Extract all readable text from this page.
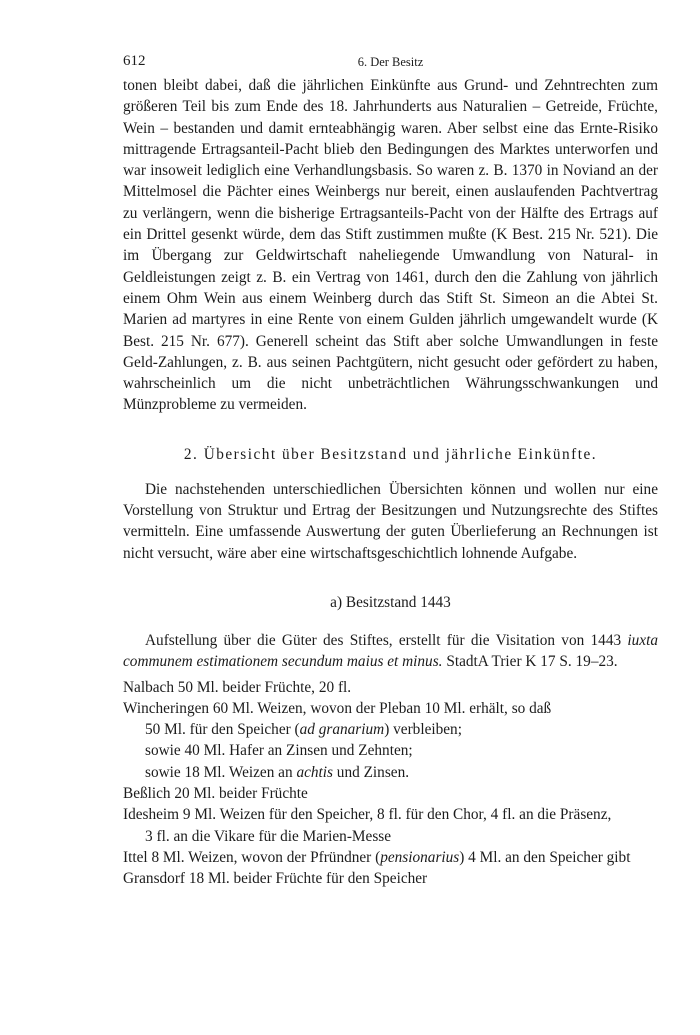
612	6. Der Besitz

tonen bleibt dabei, daß die jährlichen Einkünfte aus Grund- und Zehntrechten zum größeren Teil bis zum Ende des 18. Jahrhunderts aus Naturalien – Getreide, Früchte, Wein – bestanden und damit ernteabhängig waren. Aber selbst eine das Ernte-Risiko mittragende Ertragsanteil-Pacht blieb den Bedingungen des Marktes unterworfen und war insoweit lediglich eine Verhandlungsbasis. So waren z. B. 1370 in Noviand an der Mittelmosel die Pächter eines Weinbergs nur bereit, einen auslaufenden Pachtvertrag zu verlängern, wenn die bisherige Ertragsanteils-Pacht von der Hälfte des Ertrags auf ein Drittel gesenkt würde, dem das Stift zustimmen mußte (K Best. 215 Nr. 521). Die im Übergang zur Geldwirtschaft naheliegende Umwandlung von Natural- in Geldleistungen zeigt z. B. ein Vertrag von 1461, durch den die Zahlung von jährlich einem Ohm Wein aus einem Weinberg durch das Stift St. Simeon an die Abtei St. Marien ad martyres in eine Rente von einem Gulden jährlich umgewandelt wurde (K Best. 215 Nr. 677). Generell scheint das Stift aber solche Umwandlungen in feste Geld-Zahlungen, z. B. aus seinen Pachtgütern, nicht gesucht oder gefördert zu haben, wahrscheinlich um die nicht unbeträchtlichen Währungsschwankungen und Münzprobleme zu vermeiden.

2. Übersicht über Besitzstand und jährliche Einkünfte.

Die nachstehenden unterschiedlichen Übersichten können und wollen nur eine Vorstellung von Struktur und Ertrag der Besitzungen und Nutzungsrechte des Stiftes vermitteln. Eine umfassende Auswertung der guten Überlieferung an Rechnungen ist nicht versucht, wäre aber eine wirtschaftsgeschichtlich lohnende Aufgabe.

a) Besitzstand 1443

Aufstellung über die Güter des Stiftes, erstellt für die Visitation von 1443 iuxta communem estimationem secundum maius et minus. StadtA Trier K 17 S. 19–23.

Nalbach 50 Ml. beider Früchte, 20 fl.

Wincheringen 60 Ml. Weizen, wovon der Pleban 10 Ml. erhält, so daß
50 Ml. für den Speicher (ad granarium) verbleiben;
sowie 40 Ml. Hafer an Zinsen und Zehnten;
sowie 18 Ml. Weizen an achtis und Zinsen.

Beßlich 20 Ml. beider Früchte

Idesheim 9 Ml. Weizen für den Speicher, 8 fl. für den Chor, 4 fl. an die Präsenz,
3 fl. an die Vikare für die Marien-Messe

Ittel 8 Ml. Weizen, wovon der Pfründner (pensionarius) 4 Ml. an den Speicher gibt

Gransdorf 18 Ml. beider Früchte für den Speicher
